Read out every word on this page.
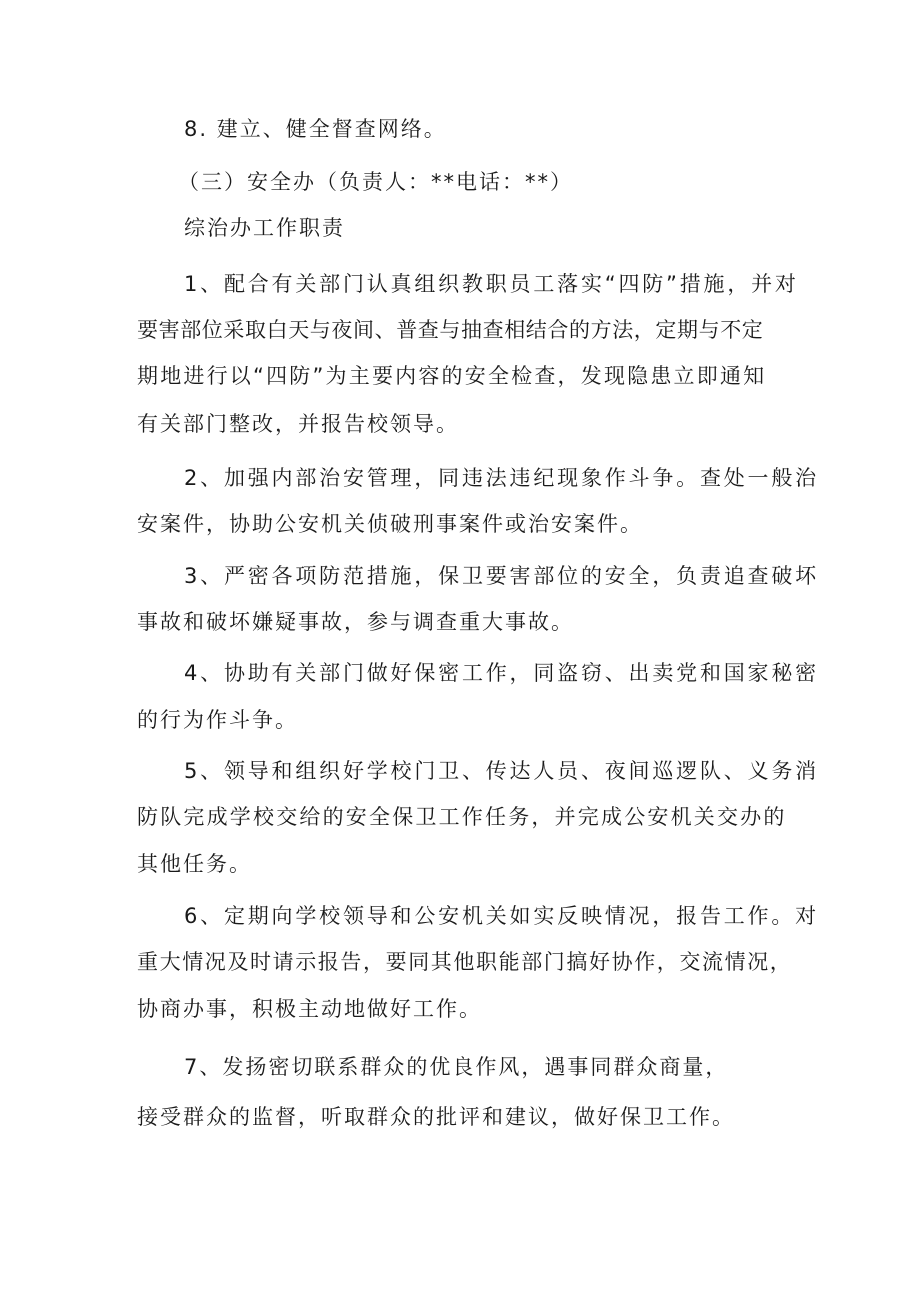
8. 建立、健全督查网络。
（三）安全办（负责人：**电话：**）
综治办工作职责
1、配合有关部门认真组织教职员工落实“四防”措施，并对
要害部位采取白天与夜间、普查与抽查相结合的方法，定期与不定
期地进行以“四防”为主要内容的安全检查，发现隐患立即通知
有关部门整改，并报告校领导。
2、加强内部治安管理，同违法违纪现象作斗争。查处一般治
安案件，协助公安机关侦破刑事案件或治安案件。
3、严密各项防范措施，保卫要害部位的安全，负责追查破坏
事故和破坏嫌疑事故，参与调查重大事故。
4、协助有关部门做好保密工作，同盗窃、出卖党和国家秘密
的行为作斗争。
5、领导和组织好学校门卫、传达人员、夜间巡逻队、义务消
防队完成学校交给的安全保卫工作任务，并完成公安机关交办的
其他任务。
6、定期向学校领导和公安机关如实反映情况，报告工作。对
重大情况及时请示报告，要同其他职能部门搞好协作，交流情况，
协商办事，积极主动地做好工作。
7、发扬密切联系群众的优良作风，遇事同群众商量，
接受群众的监督，听取群众的批评和建议，做好保卫工作。
